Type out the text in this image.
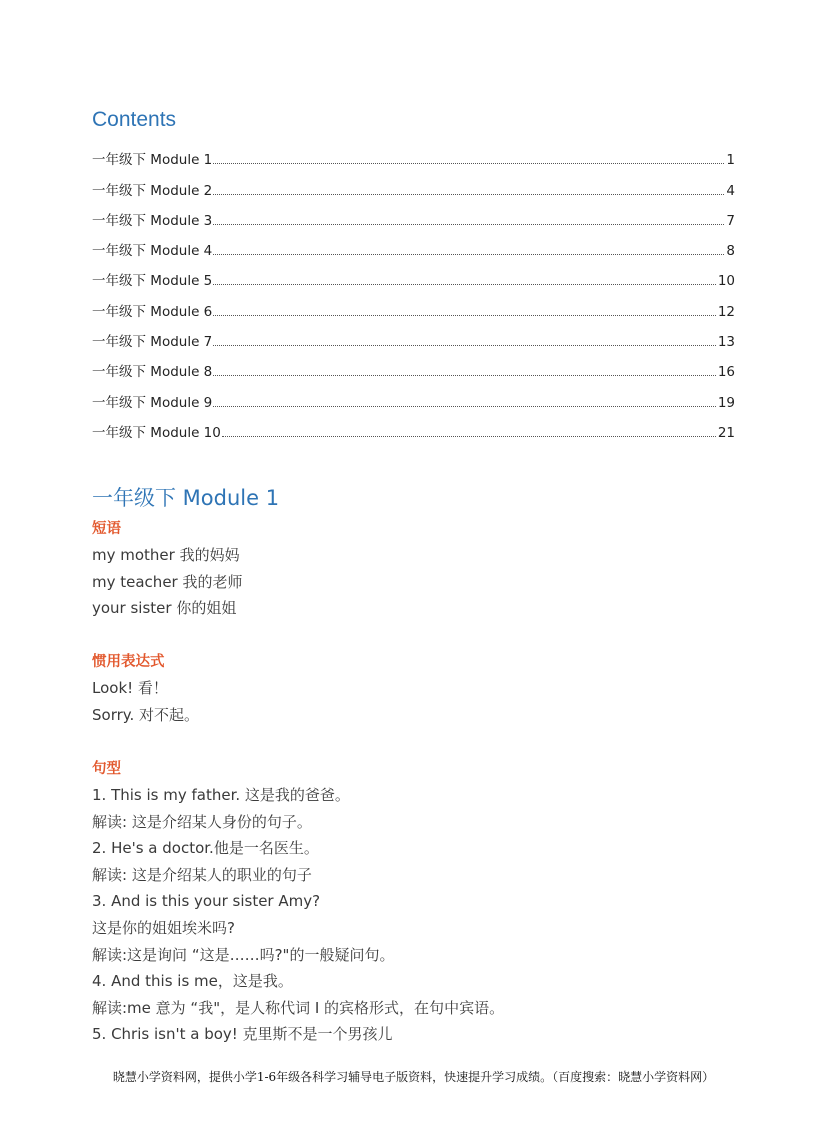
Contents
一年级下 Module 1	1
一年级下 Module 2	4
一年级下 Module 3	7
一年级下 Module 4	8
一年级下 Module 5	10
一年级下 Module 6	12
一年级下 Module 7	13
一年级下 Module 8	16
一年级下 Module 9	19
一年级下 Module 10	21
一年级下 Module 1
短语

my mother 我的妈妈

my teacher 我的老师

your sister 你的姐姐

惯用表达式

Look! 看！

Sorry. 对不起。

句型

1. This is my father. 这是我的爸爸。

解读: 这是介绍某人身份的句子。

2. He's a doctor.他是一名医生。

解读: 这是介绍某人的职业的句子

3. And is this your sister Amy?

这是你的姐姐埃米吗?

解读:这是询问 “这是……吗?"的一般疑问句。

4. And this is me，这是我。

解读:me 意为 “我"，是人称代词 I 的宾格形式，在句中宾语。

5. Chris isn't a boy! 克里斯不是一个男孩儿

晓慧小学资料网，提供小学1-6年级各科学习辅导电子版资料，快速提升学习成绩。（百度搜索：晓慧小学资料网）
